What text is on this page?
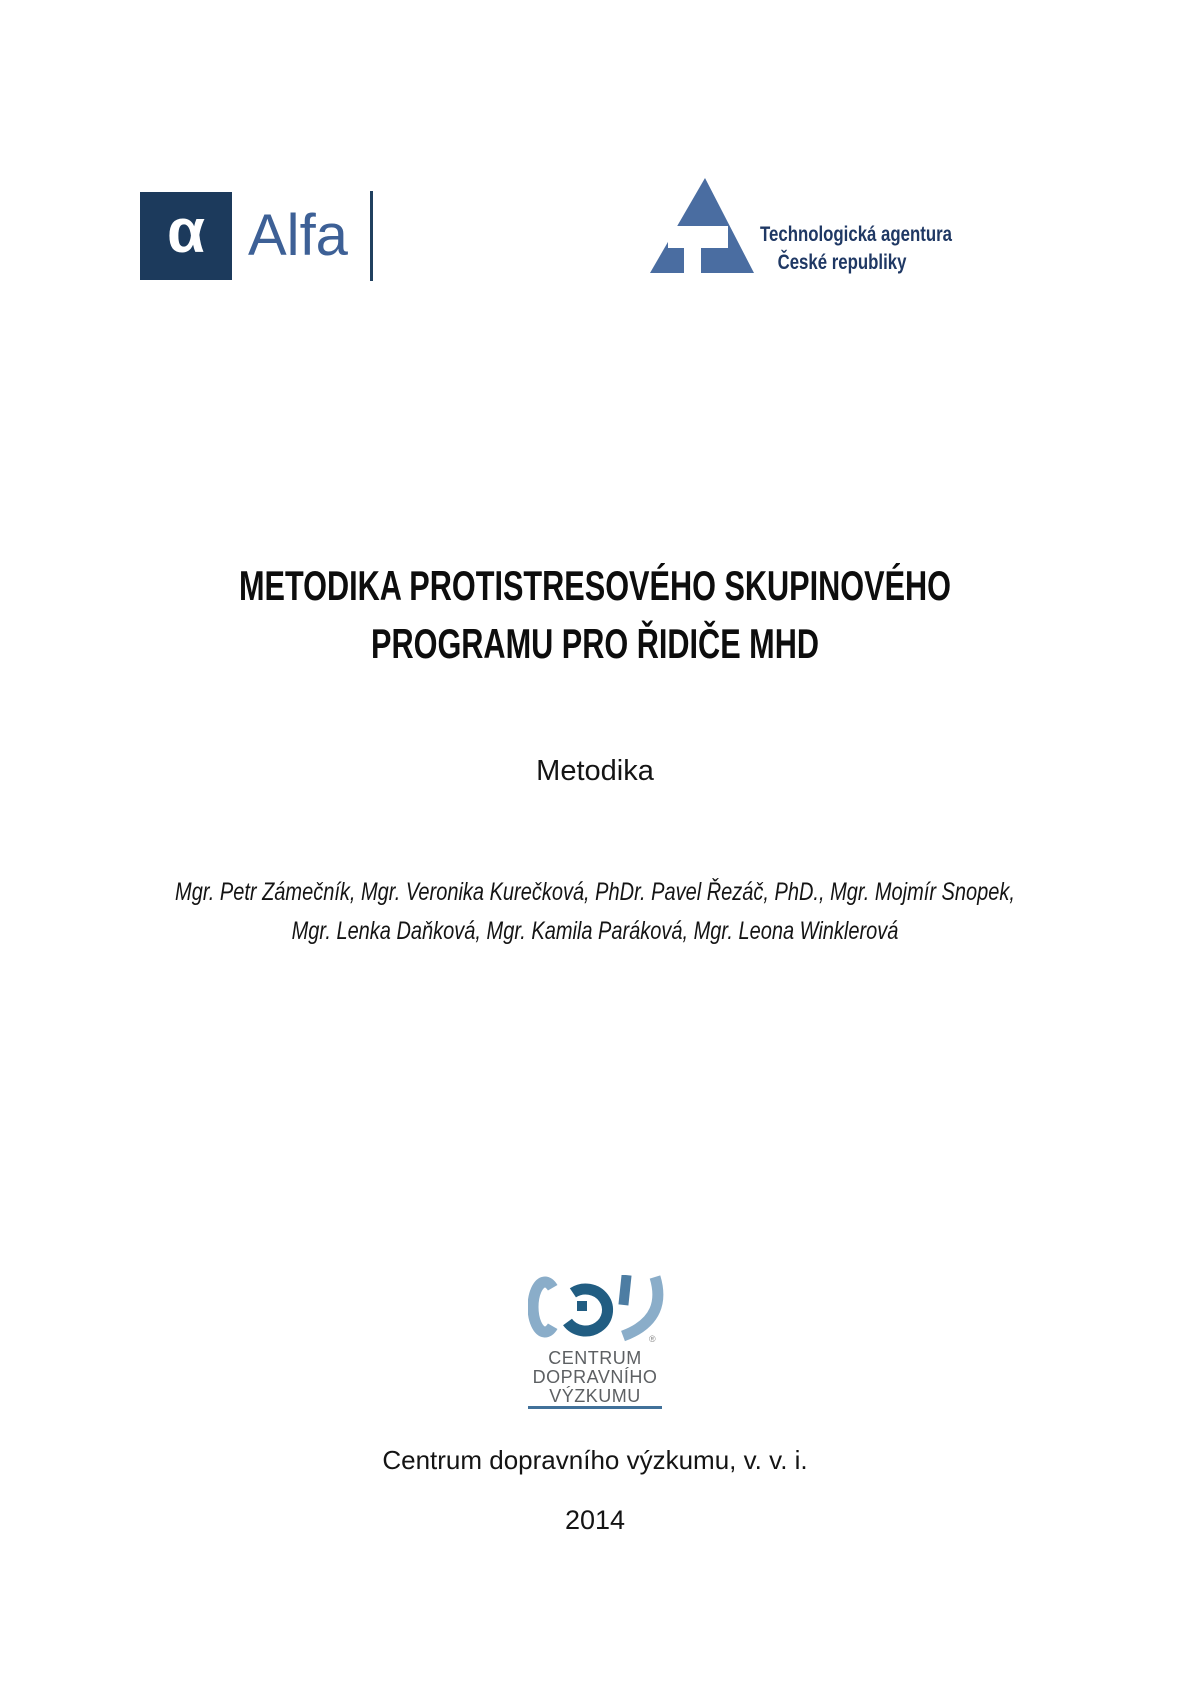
α Alfa	Technologická agentura
České republiky
METODIKA PROTISTRESOVÉHO SKUPINOVÉHO
PROGRAMU PRO ŘIDIČE MHD
Metodika
Mgr. Petr Zámečník, Mgr. Veronika Kurečková, PhDr. Pavel Řezáč, PhD., Mgr. Mojmír Snopek,
Mgr. Lenka Daňková, Mgr. Kamila Paráková, Mgr. Leona Winklerová
®
CENTRUM
DOPRAVNÍHO
VÝZKUMU
Centrum dopravního výzkumu, v. v. i.
2014
